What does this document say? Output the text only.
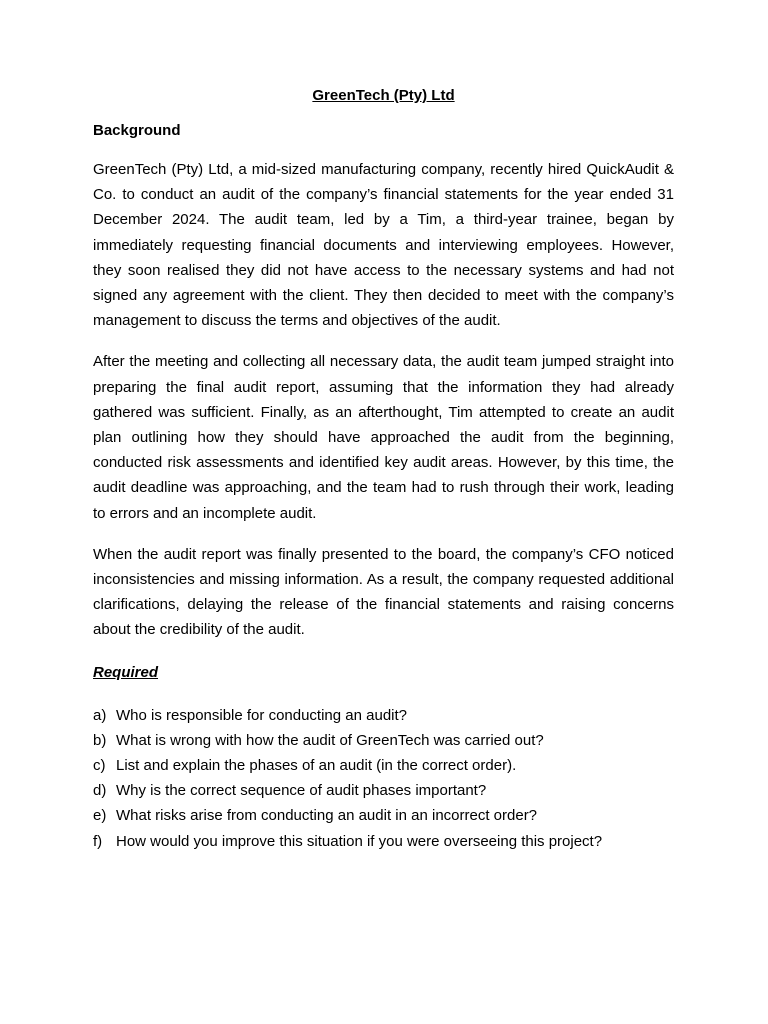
GreenTech (Pty) Ltd
Background

GreenTech (Pty) Ltd, a mid-sized manufacturing company, recently hired QuickAudit & Co. to conduct an audit of the company’s financial statements for the year ended 31 December 2024. The audit team, led by a Tim, a third-year trainee, began by immediately requesting financial documents and interviewing employees. However, they soon realised they did not have access to the necessary systems and had not signed any agreement with the client. They then decided to meet with the company’s management to discuss the terms and objectives of the audit.

After the meeting and collecting all necessary data, the audit team jumped straight into preparing the final audit report, assuming that the information they had already gathered was sufficient. Finally, as an afterthought, Tim attempted to create an audit plan outlining how they should have approached the audit from the beginning, conducted risk assessments and identified key audit areas. However, by this time, the audit deadline was approaching, and the team had to rush through their work, leading to errors and an incomplete audit.

When the audit report was finally presented to the board, the company’s CFO noticed inconsistencies and missing information. As a result, the company requested additional clarifications, delaying the release of the financial statements and raising concerns about the credibility of the audit.

Required
a) Who is responsible for conducting an audit?
b) What is wrong with how the audit of GreenTech was carried out?
c) List and explain the phases of an audit (in the correct order).
d) Why is the correct sequence of audit phases important?
e) What risks arise from conducting an audit in an incorrect order?
f) How would you improve this situation if you were overseeing this project?
